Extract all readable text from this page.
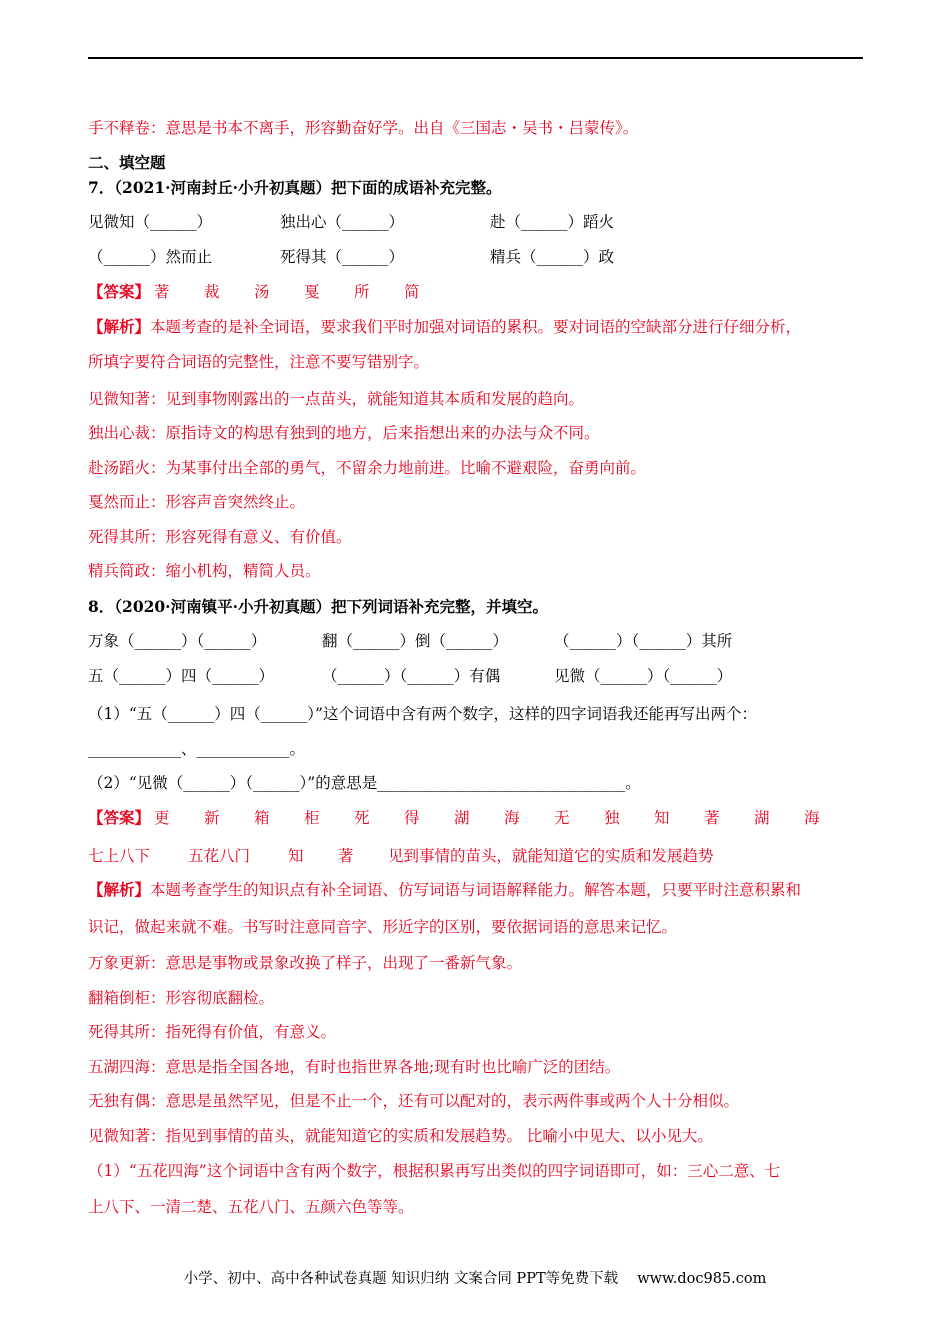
手不释卷：意思是书本不离手，形容勤奋好学。出自《三国志・吴书・吕蒙传》。
二、填空题
7．（2021·河南封丘·小升初真题）把下面的成语补充完整。
见微知（______）	独出心（______）	赴（______）蹈火
（______）然而止	死得其（______）	精兵（______）政
【答案】 著 裁 汤 戛 所 简
【解析】本题考查的是补全词语，要求我们平时加强对词语的累积。要对词语的空缺部分进行仔细分析，
所填字要符合词语的完整性，注意不要写错别字。
见微知著：见到事物刚露出的一点苗头，就能知道其本质和发展的趋向。
独出心裁：原指诗文的构思有独到的地方，后来指想出来的办法与众不同。
赴汤蹈火：为某事付出全部的勇气，不留余力地前进。比喻不避艰险，奋勇向前。
戛然而止：形容声音突然终止。
死得其所：形容死得有意义、有价值。
精兵简政：缩小机构，精简人员。
8．（2020·河南镇平·小升初真题）把下列词语补充完整，并填空。
万象（______）（______）	翻（______）倒（______）	（______）（______）其所
五（______）四（______）	（______）（______）有偶	见微（______）（______）
（1）“五（______）四（______）”这个词语中含有两个数字，这样的四字词语我还能再写出两个：
____________、____________。
（2）“见微（______）（______）”的意思是________________________________。
【答案】 更 新 箱 柜 死 得 湖 海 无 独 知 著 湖 海
七上八下 五花八门 知 著 见到事情的苗头，就能知道它的实质和发展趋势
【解析】本题考查学生的知识点有补全词语、仿写词语与词语解释能力。解答本题，只要平时注意积累和
识记，做起来就不难。书写时注意同音字、形近字的区别，要依据词语的意思来记忆。
万象更新：意思是事物或景象改换了样子，出现了一番新气象。
翻箱倒柜：形容彻底翻检。
死得其所：指死得有价值，有意义。
五湖四海：意思是指全国各地，有时也指世界各地;现有时也比喻广泛的团结。
无独有偶：意思是虽然罕见，但是不止一个，还有可以配对的，表示两件事或两个人十分相似。
见微知著：指见到事情的苗头，就能知道它的实质和发展趋势。 比喻小中见大、以小见大。
（1）“五花四海”这个词语中含有两个数字，根据积累再写出类似的四字词语即可，如：三心二意、七
上八下、一清二楚、五花八门、五颜六色等等。
小学、初中、高中各种试卷真题 知识归纳 文案合同 PPT等免费下载　 www.doc985.com
